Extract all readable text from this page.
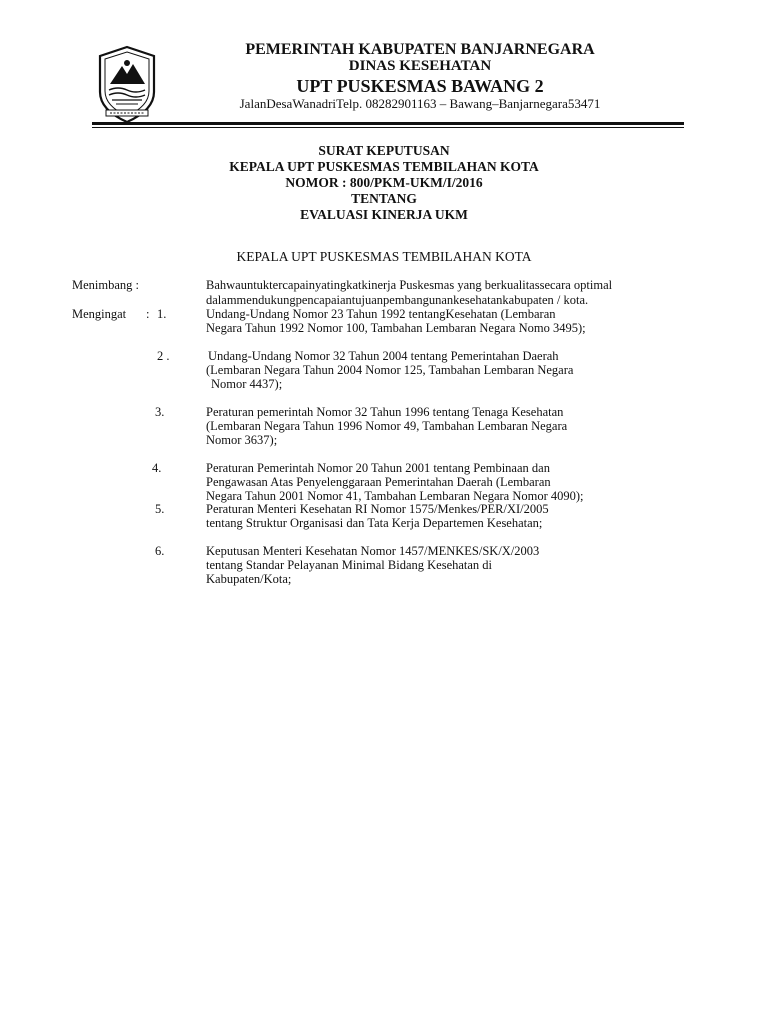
PEMERINTAH KABUPATEN BANJARNEGARA
DINAS KESEHATAN
UPT PUSKESMAS BAWANG 2
JalanDesaWanadriTelp. 08282901163 – Bawang–Banjarnegara53471
SURAT KEPUTUSAN
KEPALA UPT PUSKESMAS TEMBILAHAN KOTA
NOMOR : 800/PKM-UKM/I/2016
TENTANG
EVALUASI KINERJA UKM
KEPALA UPT PUSKESMAS TEMBILAHAN KOTA
Menimbang :	Bahwauntuktercapainyatingkatkinerja Puskesmas yang berkualitassecara optimal
dalammendukungpencapaiantujuanpembangunankesehatankabupaten / kota.
Mengingat : 1.	Undang-Undang Nomor 23 Tahun 1992 tentangKesehatan (Lembaran
Negara Tahun 1992 Nomor 100, Tambahan Lembaran Negara Nomo 3495);
2 .	Undang-Undang Nomor 32 Tahun 2004 tentang Pemerintahan Daerah
(Lembaran Negara Tahun 2004 Nomor 125, Tambahan Lembaran Negara
Nomor 4437);
3.	Peraturan pemerintah Nomor 32 Tahun 1996 tentang Tenaga Kesehatan
(Lembaran Negara Tahun 1996 Nomor 49, Tambahan Lembaran Negara
Nomor 3637);
4.	Peraturan Pemerintah Nomor 20 Tahun 2001 tentang Pembinaan dan
Pengawasan Atas Penyelenggaraan Pemerintahan Daerah (Lembaran
Negara Tahun 2001 Nomor 41, Tambahan Lembaran Negara Nomor 4090);
5.	Peraturan Menteri Kesehatan RI Nomor 1575/Menkes/PER/XI/2005
tentang Struktur Organisasi dan Tata Kerja Departemen Kesehatan;
6.	Keputusan Menteri Kesehatan Nomor 1457/MENKES/SK/X/2003
tentang Standar Pelayanan Minimal Bidang Kesehatan di
Kabupaten/Kota;
